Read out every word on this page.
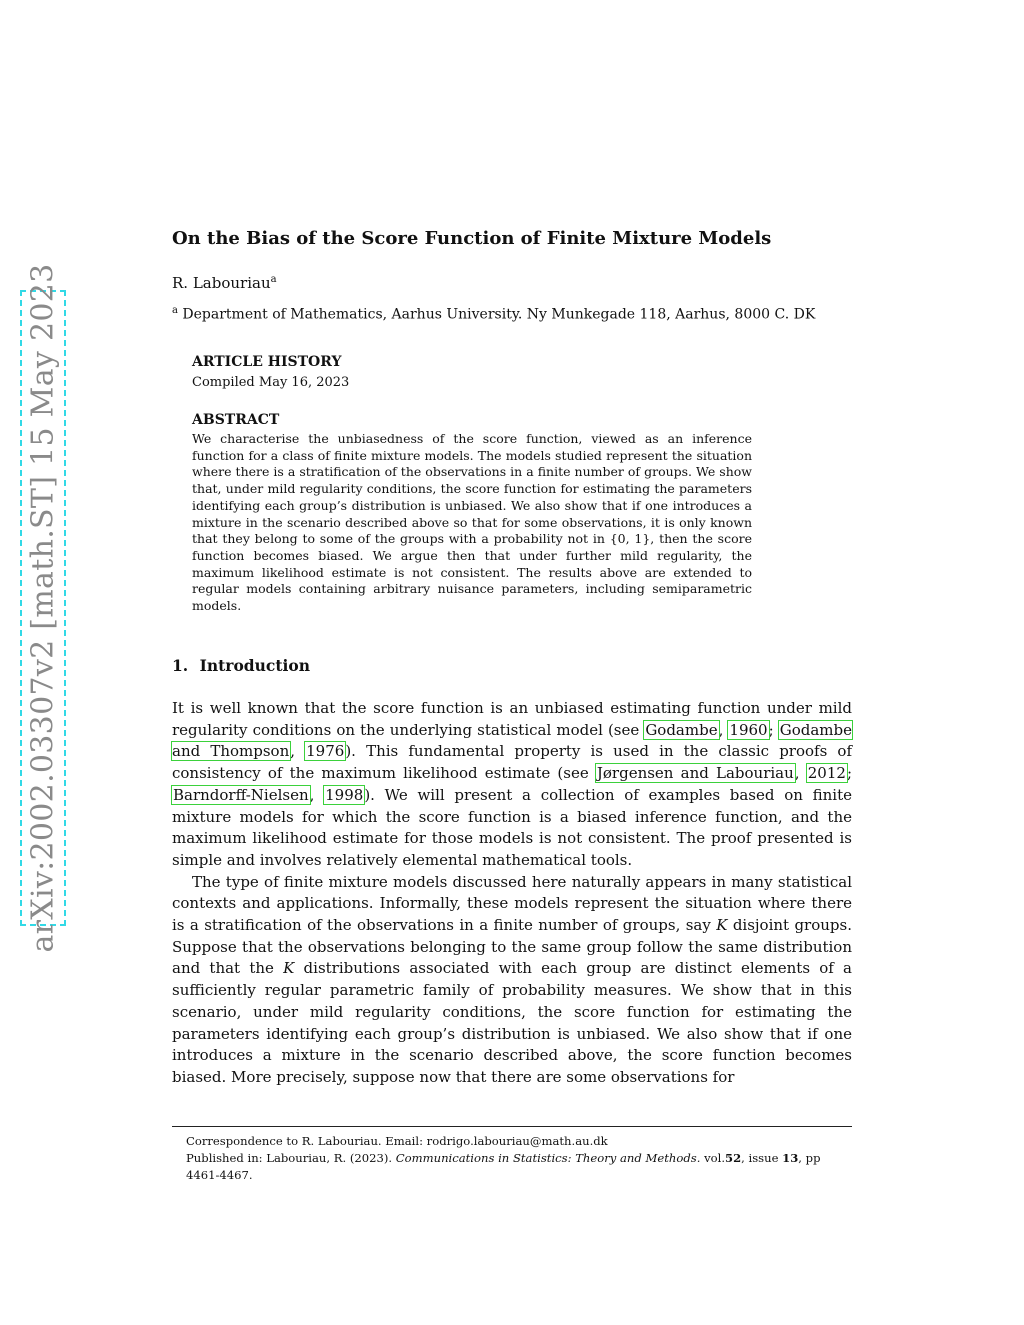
arXiv:2002.03307v2 [math.ST] 15 May 2023
On the Bias of the Score Function of Finite Mixture Models
R. Labouriau$^a$
$^a$ Department of Mathematics, Aarhus University. Ny Munkegade 118, Aarhus, 8000 C. DK
ARTICLE HISTORY
Compiled May 16, 2023
ABSTRACT
We characterise the unbiasedness of the score function, viewed as an inference function for a class of finite mixture models. The models studied represent the situation where there is a stratification of the observations in a finite number of groups. We show that, under mild regularity conditions, the score function for estimating the parameters identifying each group’s distribution is unbiased. We also show that if one introduces a mixture in the scenario described above so that for some observations, it is only known that they belong to some of the groups with a probability not in {0, 1}, then the score function becomes biased. We argue then that under further mild regularity, the maximum likelihood estimate is not consistent. The results above are extended to regular models containing arbitrary nuisance parameters, including semiparametric models.
1. Introduction

It is well known that the score function is an unbiased estimating function under mild regularity conditions on the underlying statistical model (see Godambe, 1960; Godambe and Thompson, 1976). This fundamental property is used in the classic proofs of consistency of the maximum likelihood estimate (see Jørgensen and Labouriau, 2012; Barndorff-Nielsen, 1998). We will present a collection of examples based on finite mixture models for which the score function is a biased inference function, and the maximum likelihood estimate for those models is not consistent. The proof presented is simple and involves relatively elemental mathematical tools.

The type of finite mixture models discussed here naturally appears in many statistical contexts and applications. Informally, these models represent the situation where there is a stratification of the observations in a finite number of groups, say K disjoint groups. Suppose that the observations belonging to the same group follow the same distribution and that the K distributions associated with each group are distinct elements of a sufficiently regular parametric family of probability measures. We show that in this scenario, under mild regularity conditions, the score function for estimating the parameters identifying each group’s distribution is unbiased. We also show that if one introduces a mixture in the scenario described above, the score function becomes biased. More precisely, suppose now that there are some observations for

Correspondence to R. Labouriau. Email: rodrigo.labouriau@math.au.dk
Published in: Labouriau, R. (2023). Communications in Statistics: Theory and Methods. vol.52, issue 13, pp 4461-4467.
